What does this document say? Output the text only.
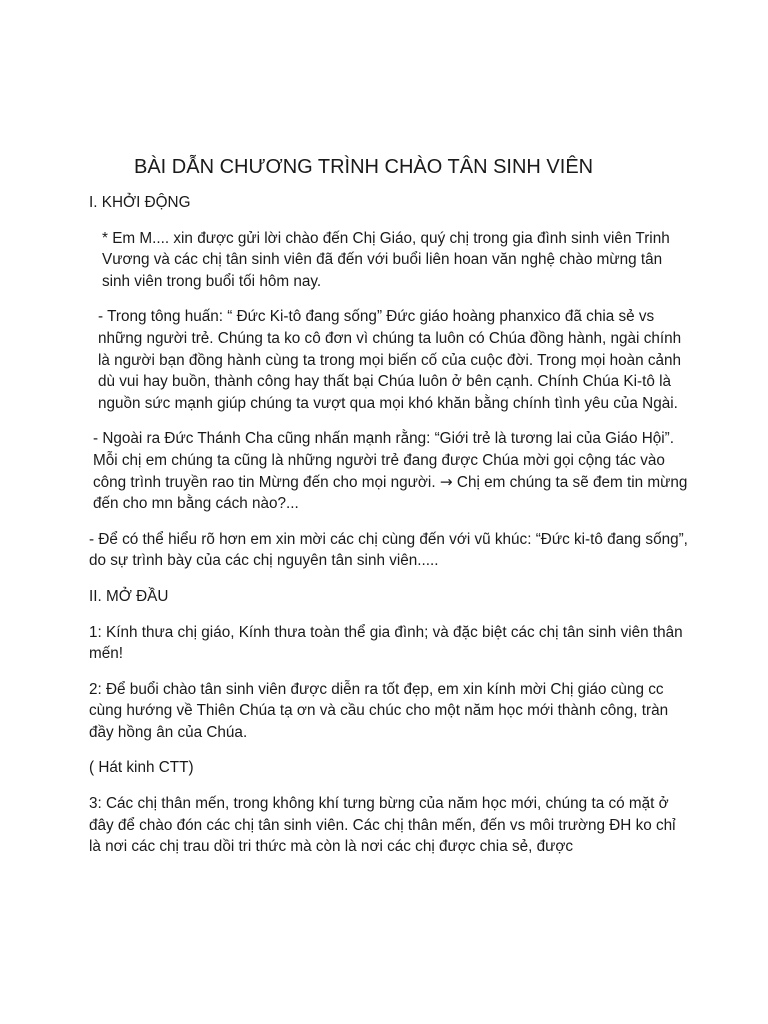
BÀI DẪN CHƯƠNG TRÌNH CHÀO TÂN SINH VIÊN
I. KHỞI ĐỘNG
* Em M.... xin được gửi lời chào đến Chị Giáo, quý chị trong gia đình sinh viên Trinh Vương và các chị tân sinh viên đã đến với buổi liên hoan văn nghệ chào mừng tân sinh viên trong buổi tối hôm nay.
- Trong tông huấn: “ Đức Ki-tô đang sống” Đức giáo hoàng phanxico đã chia sẻ vs những người trẻ. Chúng ta ko cô đơn vì chúng ta luôn có Chúa đồng hành, ngài chính là người bạn đồng hành cùng ta trong mọi biến cố của cuộc đời. Trong mọi hoàn cảnh dù vui hay buồn, thành công hay thất bại Chúa luôn ở bên cạnh. Chính Chúa Ki-tô là nguồn sức mạnh giúp chúng ta vượt qua mọi khó khăn bằng chính tình yêu của Ngài.
- Ngoài ra Đức Thánh Cha cũng nhấn mạnh rằng: “Giới trẻ là tương lai của Giáo Hội”. Mỗi chị em chúng ta cũng là những người trẻ đang được Chúa mời gọi cộng tác vào công trình truyền rao tin Mừng đến cho mọi người. → Chị em chúng ta sẽ đem tin mừng đến cho mn bằng cách nào?...
- Để có thể hiểu rõ hơn em xin mời các chị cùng đến với vũ khúc: “Đức ki-tô đang sống”, do sự trình bày của các chị nguyên tân sinh viên.....
II. MỞ ĐẦU
1: Kính thưa chị giáo, Kính thưa toàn thể gia đình; và đặc biệt các chị tân sinh viên thân mến!
2: Để buổi chào tân sinh viên được diễn ra tốt đẹp, em xin kính mời Chị giáo cùng cc cùng hướng về Thiên Chúa tạ ơn và cầu chúc cho một năm học mới thành công, tràn đầy hồng ân của Chúa.
( Hát kinh CTT)
3: Các chị thân mến, trong không khí tưng bừng của năm học mới, chúng ta có mặt ở đây để chào đón các chị tân sinh viên. Các chị thân mến, đến vs môi trường ĐH ko chỉ là nơi các chị trau dồi tri thức mà còn là nơi các chị được chia sẻ, được
